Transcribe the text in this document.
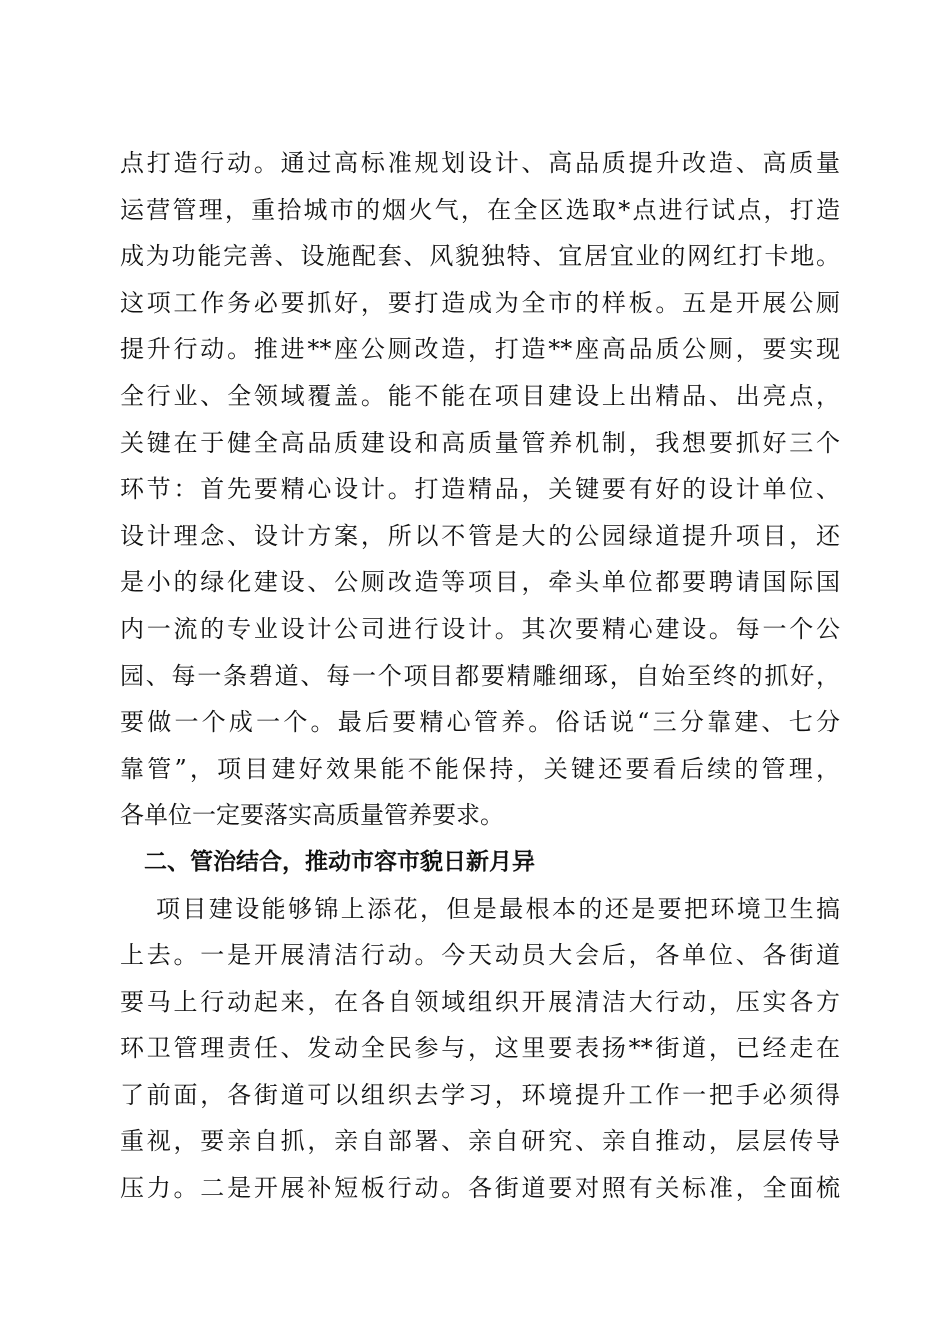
点打造行动。通过高标准规划设计、高品质提升改造、高质量
运营管理，重拾城市的烟火气，在全区选取*点进行试点，打造
成为功能完善、设施配套、风貌独特、宜居宜业的网红打卡地。
这项工作务必要抓好，要打造成为全市的样板。五是开展公厕
提升行动。推进**座公厕改造，打造**座高品质公厕，要实现
全行业、全领域覆盖。能不能在项目建设上出精品、出亮点，
关键在于健全高品质建设和高质量管养机制，我想要抓好三个
环节：首先要精心设计。打造精品，关键要有好的设计单位、
设计理念、设计方案，所以不管是大的公园绿道提升项目，还
是小的绿化建设、公厕改造等项目，牵头单位都要聘请国际国
内一流的专业设计公司进行设计。其次要精心建设。每一个公
园、每一条碧道、每一个项目都要精雕细琢，自始至终的抓好，
要做一个成一个。最后要精心管养。俗话说“三分靠建、七分
靠管”，项目建好效果能不能保持，关键还要看后续的管理，
各单位一定要落实高质量管养要求。
二、管治结合，推动市容市貌日新月异
项目建设能够锦上添花，但是最根本的还是要把环境卫生搞
上去。一是开展清洁行动。今天动员大会后，各单位、各街道
要马上行动起来，在各自领域组织开展清洁大行动，压实各方
环卫管理责任、发动全民参与，这里要表扬**街道，已经走在
了前面，各街道可以组织去学习，环境提升工作一把手必须得
重视，要亲自抓，亲自部署、亲自研究、亲自推动，层层传导
压力。二是开展补短板行动。各街道要对照有关标准，全面梳
